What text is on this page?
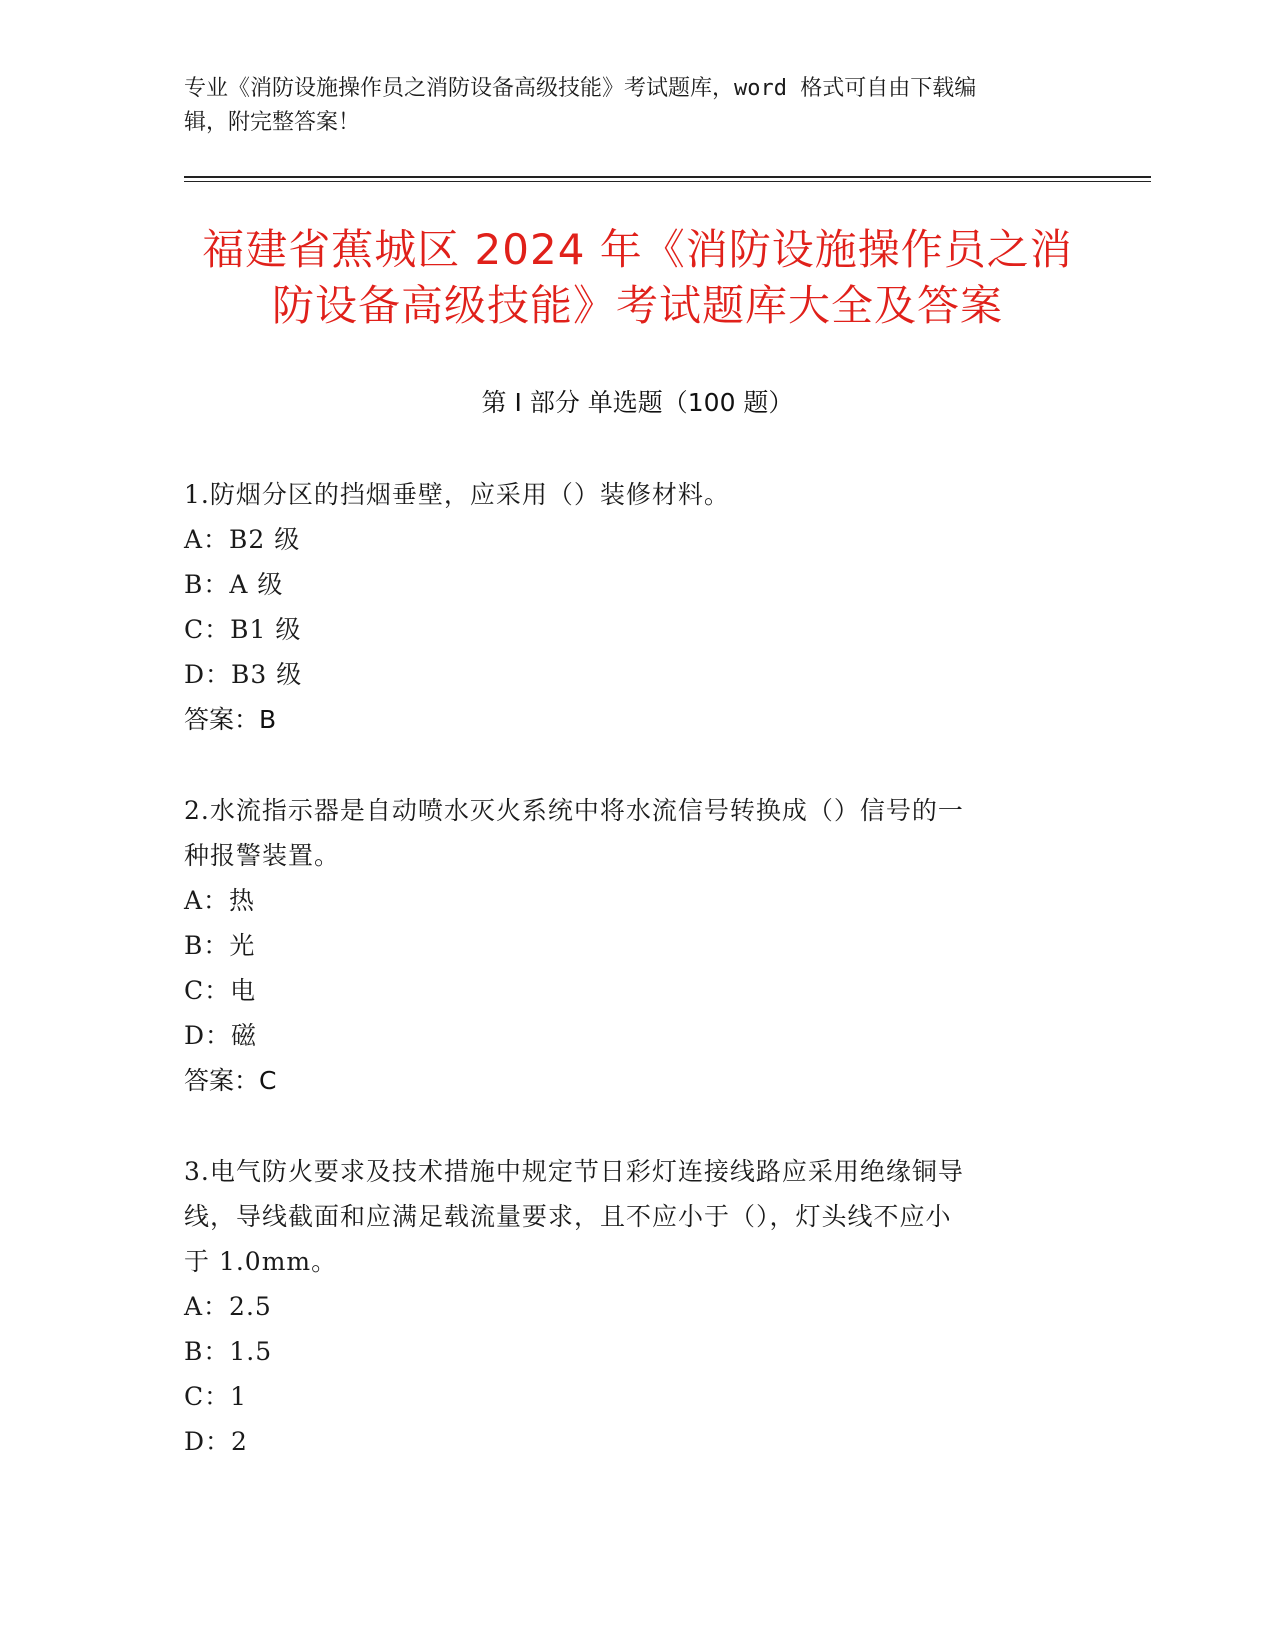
专业《消防设施操作员之消防设备高级技能》考试题库，word 格式可自由下载编
辑，附完整答案！
福建省蕉城区 2024 年《消防设施操作员之消
防设备高级技能》考试题库大全及答案
第 I 部分 单选题（100 题）
1.防烟分区的挡烟垂壁，应采用（）装修材料。
A：B2 级
B：A 级
C：B1 级
D：B3 级
答案：B
2.水流指示器是自动喷水灭火系统中将水流信号转换成（）信号的一
种报警装置。
A：热
B：光
C：电
D：磁
答案：C
3.电气防火要求及技术措施中规定节日彩灯连接线路应采用绝缘铜导
线，导线截面和应满足载流量要求，且不应小于（），灯头线不应小
于 1.0mm。
A：2.5
B：1.5
C：1
D：2
